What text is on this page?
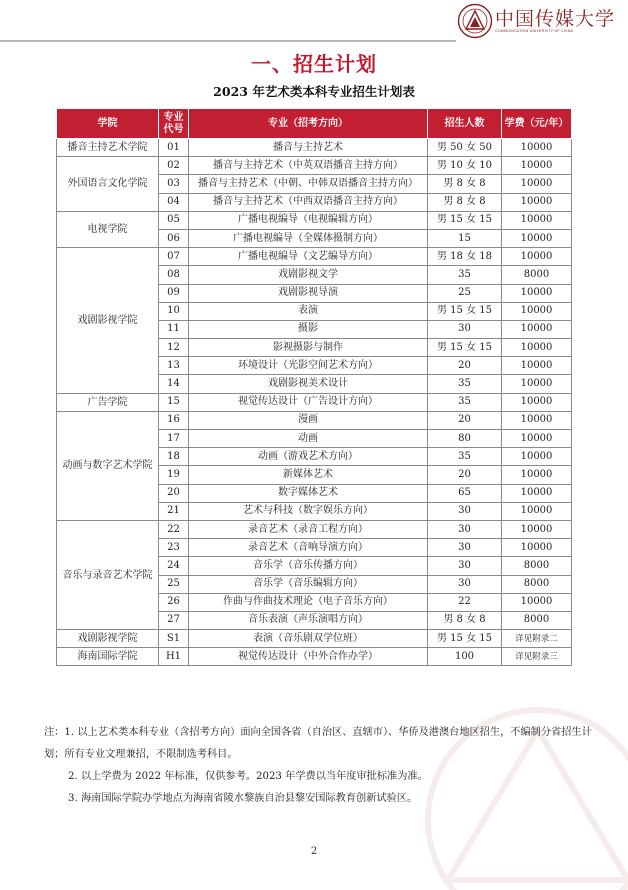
中国传媒大学
COMMUNICATION UNIVERSITY OF CHINA
一、招生计划
2023 年艺术类本科专业招生计划表
学院	专业代号	专业（招考方向）	招生人数	学费（元/年）
播音主持艺术学院	01	播音与主持艺术	男 50 女 50	10000
外国语言文化学院	02	播音与主持艺术（中英双语播音主持方向）	男 10 女 10	10000
	03	播音与主持艺术（中朝、中韩双语播音主持方向）	男 8 女 8	10000
	04	播音与主持艺术（中西双语播音主持方向）	男 8 女 8	10000
电视学院	05	广播电视编导（电视编辑方向）	男 15 女 15	10000
	06	广播电视编导（全媒体摄制方向）	15	10000
戏剧影视学院	07	广播电视编导（文艺编导方向）	男 18 女 18	10000
	08	戏剧影视文学	35	8000
	09	戏剧影视导演	25	10000
	10	表演	男 15 女 15	10000
	11	摄影	30	10000
	12	影视摄影与制作	男 15 女 15	10000
	13	环境设计（光影空间艺术方向）	20	10000
	14	戏剧影视美术设计	35	10000
广告学院	15	视觉传达设计（广告设计方向）	35	10000
动画与数字艺术学院	16	漫画	20	10000
	17	动画	80	10000
	18	动画（游戏艺术方向）	35	10000
	19	新媒体艺术	20	10000
	20	数字媒体艺术	65	10000
	21	艺术与科技（数字娱乐方向）	30	10000
音乐与录音艺术学院	22	录音艺术（录音工程方向）	30	10000
	23	录音艺术（音响导演方向）	30	10000
	24	音乐学（音乐传播方向）	30	8000
	25	音乐学（音乐编辑方向）	30	8000
	26	作曲与作曲技术理论（电子音乐方向）	22	10000
	27	音乐表演（声乐演唱方向）	男 8 女 8	8000
戏剧影视学院	S1	表演（音乐剧双学位班）	男 15 女 15	详见附录二
海南国际学院	H1	视觉传达设计（中外合作办学）	100	详见附录三

注：1. 以上艺术类本科专业（含招考方向）面向全国各省（自治区、直辖市）、华侨及港澳台地区招生，不编制分省招生计划；所有专业文理兼招，不限制选考科目。

2. 以上学费为 2022 年标准，仅供参考。2023 年学费以当年度审批标准为准。

3. 海南国际学院办学地点为海南省陵水黎族自治县黎安国际教育创新试验区。

2
